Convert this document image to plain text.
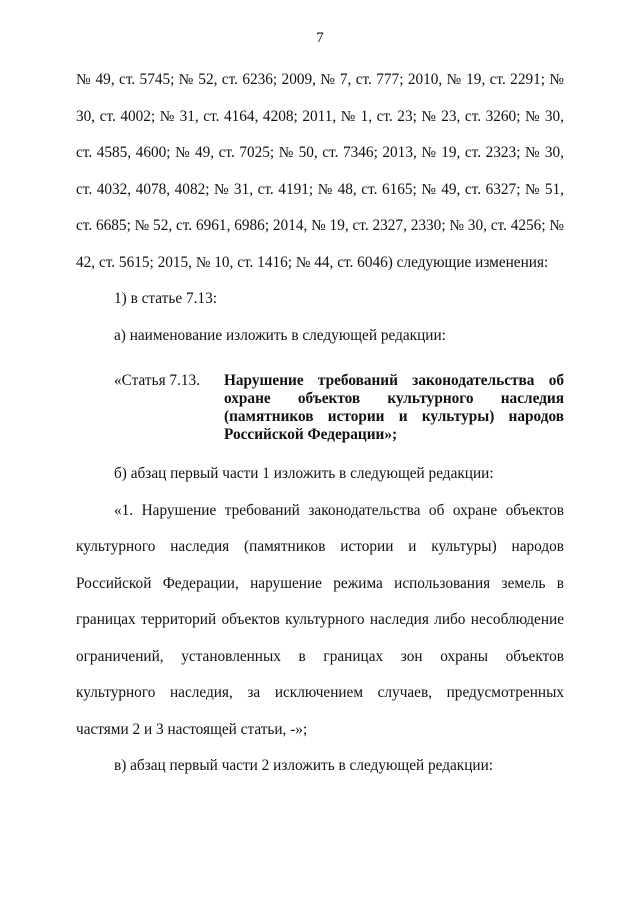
7

№ 49, ст. 5745; № 52, ст. 6236; 2009, № 7, ст. 777; 2010, № 19, ст. 2291; № 30, ст. 4002; № 31, ст. 4164, 4208; 2011, № 1, ст. 23; № 23, ст. 3260; № 30, ст. 4585, 4600; № 49, ст. 7025; № 50, ст. 7346; 2013, № 19, ст. 2323; № 30, ст. 4032, 4078, 4082; № 31, ст. 4191; № 48, ст. 6165; № 49, ст. 6327; № 51, ст. 6685; № 52, ст. 6961, 6986; 2014, № 19, ст. 2327, 2330; № 30, ст. 4256; № 42, ст. 5615; 2015, № 10, ст. 1416; № 44, ст. 6046) следующие изменения:

1) в статье 7.13:

а) наименование изложить в следующей редакции:

«Статья 7.13.	Нарушение требований законодательства об охране объектов культурного наследия (памятников истории и культуры) народов Российской Федерации»;

б) абзац первый части 1 изложить в следующей редакции:

«1. Нарушение требований законодательства об охране объектов культурного наследия (памятников истории и культуры) народов Российской Федерации, нарушение режима использования земель в границах территорий объектов культурного наследия либо несоблюдение ограничений, установленных в границах зон охраны объектов культурного наследия, за исключением случаев, предусмотренных частями 2 и 3 настоящей статьи, -»;

в) абзац первый части 2 изложить в следующей редакции:
